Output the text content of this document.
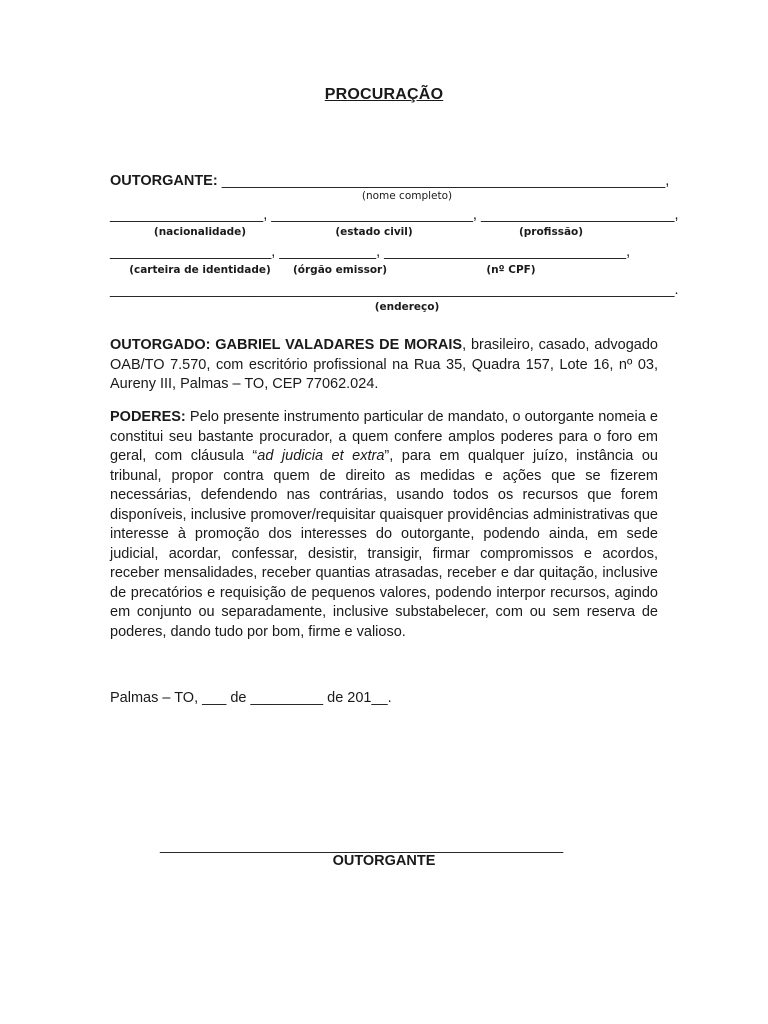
PROCURAÇÃO
OUTORGANTE: _______________________________________________________,
(nome completo)
___________________, _________________________, ________________________,
(nacionalidade)	(estado civil)	(profissão)
____________________, ____________, ______________________________,
(carteira de identidade) (órgão emissor)	(nº CPF)
______________________________________________________________________.
(endereço)

OUTORGADO: GABRIEL VALADARES DE MORAIS, brasileiro, casado, advogado OAB/TO 7.570, com escritório profissional na Rua 35, Quadra 157, Lote 16, nº 03, Aureny III, Palmas – TO, CEP 77062.024.

PODERES: Pelo presente instrumento particular de mandato, o outorgante nomeia e constitui seu bastante procurador, a quem confere amplos poderes para o foro em geral, com cláusula “ad judicia et extra”, para em qualquer juízo, instância ou tribunal, propor contra quem de direito as medidas e ações que se fizerem necessárias, defendendo nas contrárias, usando todos os recursos que forem disponíveis, inclusive promover/requisitar quaisquer providências administrativas que interesse à promoção dos interesses do outorgante, podendo ainda, em sede judicial, acordar, confessar, desistir, transigir, firmar compromissos e acordos, receber mensalidades, receber quantias atrasadas, receber e dar quitação, inclusive de precatórios e requisição de pequenos valores, podendo interpor recursos, agindo em conjunto ou separadamente, inclusive substabelecer, com ou sem reserva de poderes, dando tudo por bom, firme e valioso.

Palmas – TO, ___ de _________ de 201__.
__________________________________________________
OUTORGANTE
